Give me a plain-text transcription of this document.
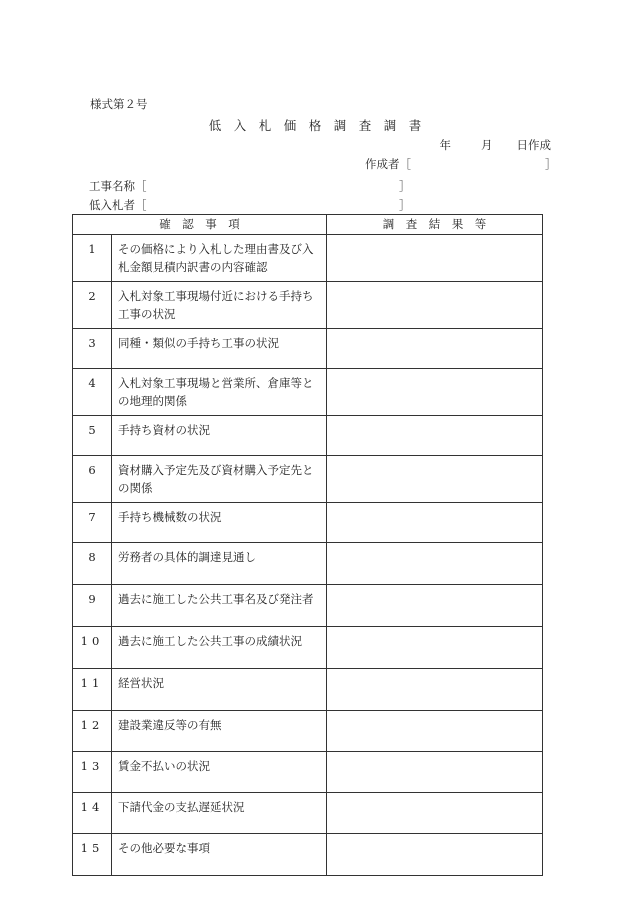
様式第２号
低　入　札　価　格　調　査　調　書
年	月 日作成
作成者［	］
工事名称［	］
低入札者［	］
確　認　事　項		調　査　結　果　等
1	その価格により入札した理由書及び入札金額見積内訳書の内容確認	
2	入札対象工事現場付近における手持ち工事の状況	
3	同種・類似の手持ち工事の状況	
4	入札対象工事現場と営業所、倉庫等との地理的関係	
5	手持ち資材の状況	
6	資材購入予定先及び資材購入予定先との関係	
7	手持ち機械数の状況	
8	労務者の具体的調達見通し	
9	過去に施工した公共工事名及び発注者	
10	過去に施工した公共工事の成績状況	
11	経営状況	
12	建設業違反等の有無	
13	賃金不払いの状況	
14	下請代金の支払遅延状況	
15	その他必要な事項	
